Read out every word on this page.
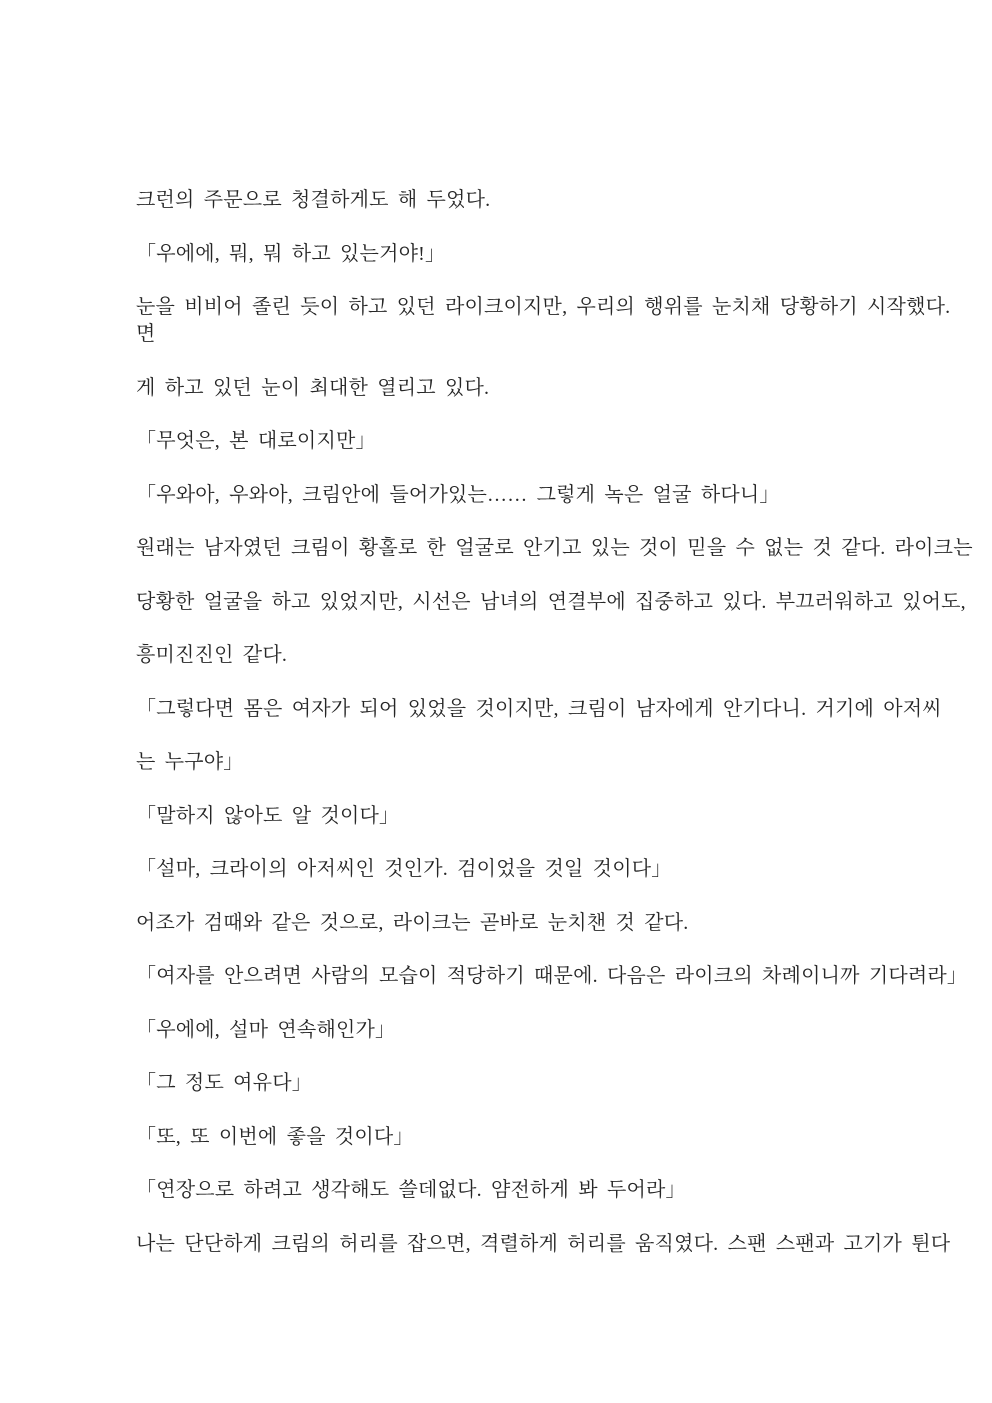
크런의 주문으로 청결하게도 해 두었다.

「우에에, 뭐, 뭐 하고 있는거야!」

눈을 비비어 졸린 듯이 하고 있던 라이크이지만, 우리의 행위를 눈치채 당황하기 시작했다.

면

게 하고 있던 눈이 최대한 열리고 있다.

「무엇은, 본 대로이지만」

「우와아, 우와아, 크림안에 들어가있는…… 그렇게 녹은 얼굴 하다니」

원래는 남자였던 크림이 황홀로 한 얼굴로 안기고 있는 것이 믿을 수 없는 것 같다. 라이크는

당황한 얼굴을 하고 있었지만, 시선은 남녀의 연결부에 집중하고 있다. 부끄러워하고 있어도,

흥미진진인 같다.

「그렇다면 몸은 여자가 되어 있었을 것이지만, 크림이 남자에게 안기다니. 거기에 아저씨

는 누구야」

「말하지 않아도 알 것이다」

「설마, 크라이의 아저씨인 것인가. 검이었을 것일 것이다」

어조가 검때와 같은 것으로, 라이크는 곧바로 눈치챈 것 같다.

「여자를 안으려면 사람의 모습이 적당하기 때문에. 다음은 라이크의 차례이니까 기다려라」

「우에에, 설마 연속해인가」

「그 정도 여유다」

「또, 또 이번에 좋을 것이다」

「연장으로 하려고 생각해도 쓸데없다. 얌전하게 봐 두어라」

나는 단단하게 크림의 허리를 잡으면, 격렬하게 허리를 움직였다. 스팬 스팬과 고기가 튄다
